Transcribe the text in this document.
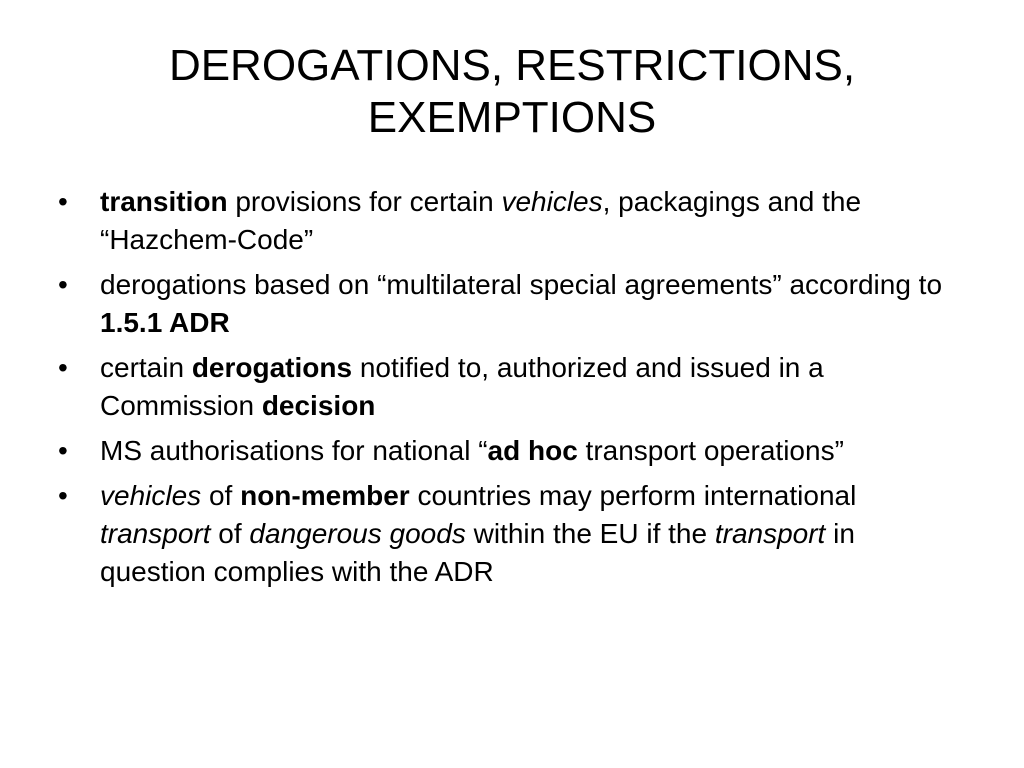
DEROGATIONS, RESTRICTIONS,
EXEMPTIONS
• transition provisions for certain vehicles, packagings and the “Hazchem-Code”
• derogations based on “multilateral special agreements” according to 1.5.1 ADR
• certain derogations notified to, authorized and issued in a Commission decision
• MS authorisations for national “ad hoc transport operations”
• vehicles of non-member countries may perform international transport of dangerous goods within the EU if the transport in question complies with the ADR
